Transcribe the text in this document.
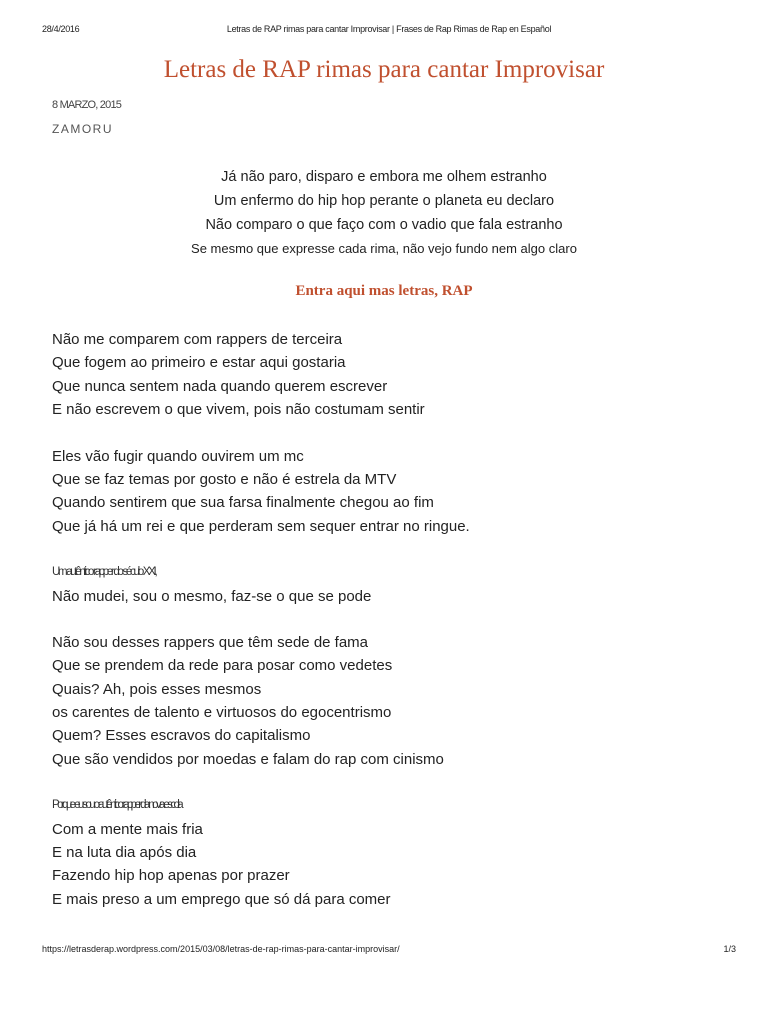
28/4/2016	Letras de RAP rimas para cantar Improvisar | Frases de Rap Rimas de Rap en Español
Letras de RAP rimas para cantar Improvisar
8 MARZO, 2015
ZAMORU
Já não paro, disparo e embora me olhem estranho
Um enfermo do hip hop perante o planeta eu declaro
Não comparo o que faço com o vadio que fala estranho
Se mesmo que expresse cada rima, não vejo fundo nem algo claro
Entra aqui mas letras, RAP
Não me comparem com rappers de terceira
Que fogem ao primeiro e estar aqui gostaria
Que nunca sentem nada quando querem escrever
E não escrevem o que vivem, pois não costumam sentir
Eles vão fugir quando ouvirem um mc
Que se faz temas por gosto e não é estrela da MTV
Quando sentirem que sua farsa finalmente chegou ao fim
Que já há um rei e que perderam sem sequer entrar no ringue.
Um autêntico rapper do século XXI,
Não mudei, sou o mesmo, faz-se o que se pode
Não sou desses rappers que têm sede de fama
Que se prendem da rede para posar como vedetes
Quais? Ah, pois esses mesmos
os carentes de talento e virtuosos do egocentrismo
Quem? Esses escravos do capitalismo
Que são vendidos por moedas e falam do rap com cinismo
Porque eu sou o autêntico rapper da nova escola
Com a mente mais fria
E na luta dia após dia
Fazendo hip hop apenas por prazer
E mais preso a um emprego que só dá para comer
https://letrasderap.wordpress.com/2015/03/08/letras-de-rap-rimas-para-cantar-improvisar/	1/3
